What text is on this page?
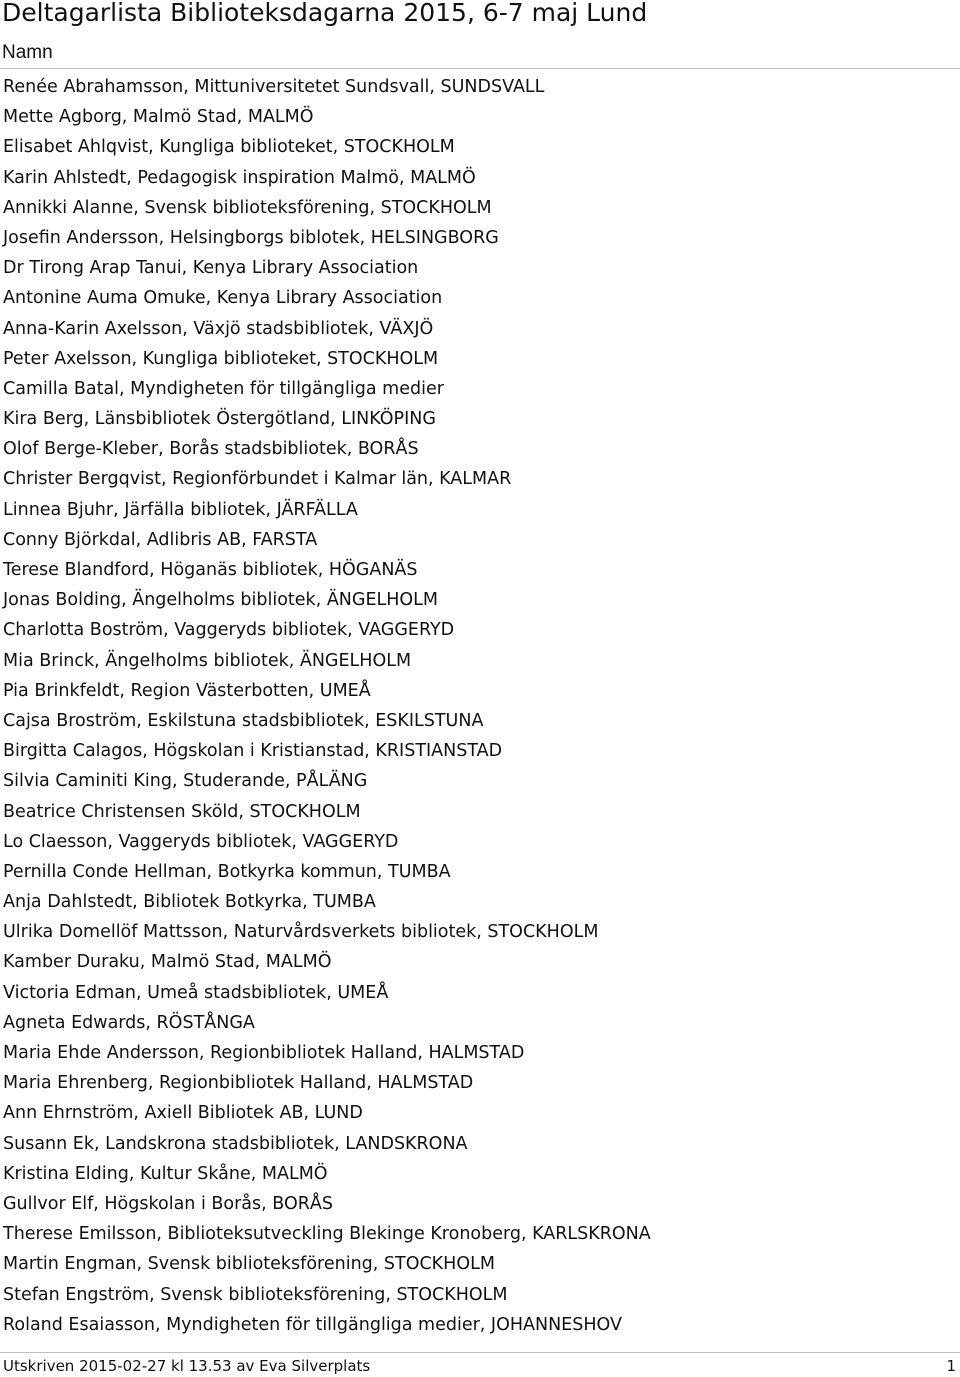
Deltagarlista Biblioteksdagarna 2015, 6-7 maj Lund
Namn
Renée Abrahamsson, Mittuniversitetet Sundsvall, SUNDSVALL
Mette Agborg, Malmö Stad, MALMÖ
Elisabet Ahlqvist, Kungliga biblioteket, STOCKHOLM
Karin Ahlstedt, Pedagogisk inspiration Malmö, MALMÖ
Annikki Alanne, Svensk biblioteksförening, STOCKHOLM
Josefin Andersson, Helsingborgs biblotek, HELSINGBORG
Dr Tirong Arap Tanui, Kenya Library Association
Antonine Auma Omuke, Kenya Library Association
Anna-Karin Axelsson, Växjö stadsbibliotek, VÄXJÖ
Peter Axelsson, Kungliga biblioteket, STOCKHOLM
Camilla Batal, Myndigheten för tillgängliga medier
Kira Berg, Länsbibliotek Östergötland, LINKÖPING
Olof Berge-Kleber, Borås stadsbibliotek, BORÅS
Christer Bergqvist, Regionförbundet i Kalmar län, KALMAR
Linnea Bjuhr, Järfälla bibliotek, JÄRFÄLLA
Conny Björkdal, Adlibris AB, FARSTA
Terese Blandford, Höganäs bibliotek, HÖGANÄS
Jonas Bolding, Ängelholms bibliotek, ÄNGELHOLM
Charlotta Boström, Vaggeryds bibliotek, VAGGERYD
Mia Brinck, Ängelholms bibliotek, ÄNGELHOLM
Pia Brinkfeldt, Region Västerbotten, UMEÅ
Cajsa Broström, Eskilstuna stadsbibliotek, ESKILSTUNA
Birgitta Calagos, Högskolan i Kristianstad, KRISTIANSTAD
Silvia Caminiti King, Studerande, PÅLÄNG
Beatrice Christensen Sköld, STOCKHOLM
Lo Claesson, Vaggeryds bibliotek, VAGGERYD
Pernilla Conde Hellman, Botkyrka kommun, TUMBA
Anja Dahlstedt, Bibliotek Botkyrka, TUMBA
Ulrika Domellöf Mattsson, Naturvårdsverkets bibliotek, STOCKHOLM
Kamber Duraku, Malmö Stad, MALMÖ
Victoria Edman, Umeå stadsbibliotek, UMEÅ
Agneta Edwards, RÖSTÅNGA
Maria Ehde Andersson, Regionbibliotek Halland, HALMSTAD
Maria Ehrenberg, Regionbibliotek Halland, HALMSTAD
Ann Ehrnström, Axiell Bibliotek AB, LUND
Susann Ek, Landskrona stadsbibliotek, LANDSKRONA
Kristina Elding, Kultur Skåne, MALMÖ
Gullvor Elf, Högskolan i Borås, BORÅS
Therese Emilsson, Biblioteksutveckling Blekinge Kronoberg, KARLSKRONA
Martin Engman, Svensk biblioteksförening, STOCKHOLM
Stefan Engström, Svensk biblioteksförening, STOCKHOLM
Roland Esaiasson, Myndigheten för tillgängliga medier, JOHANNESHOV
Utskriven 2015-02-27 kl 13.53 av Eva Silverplats	1
